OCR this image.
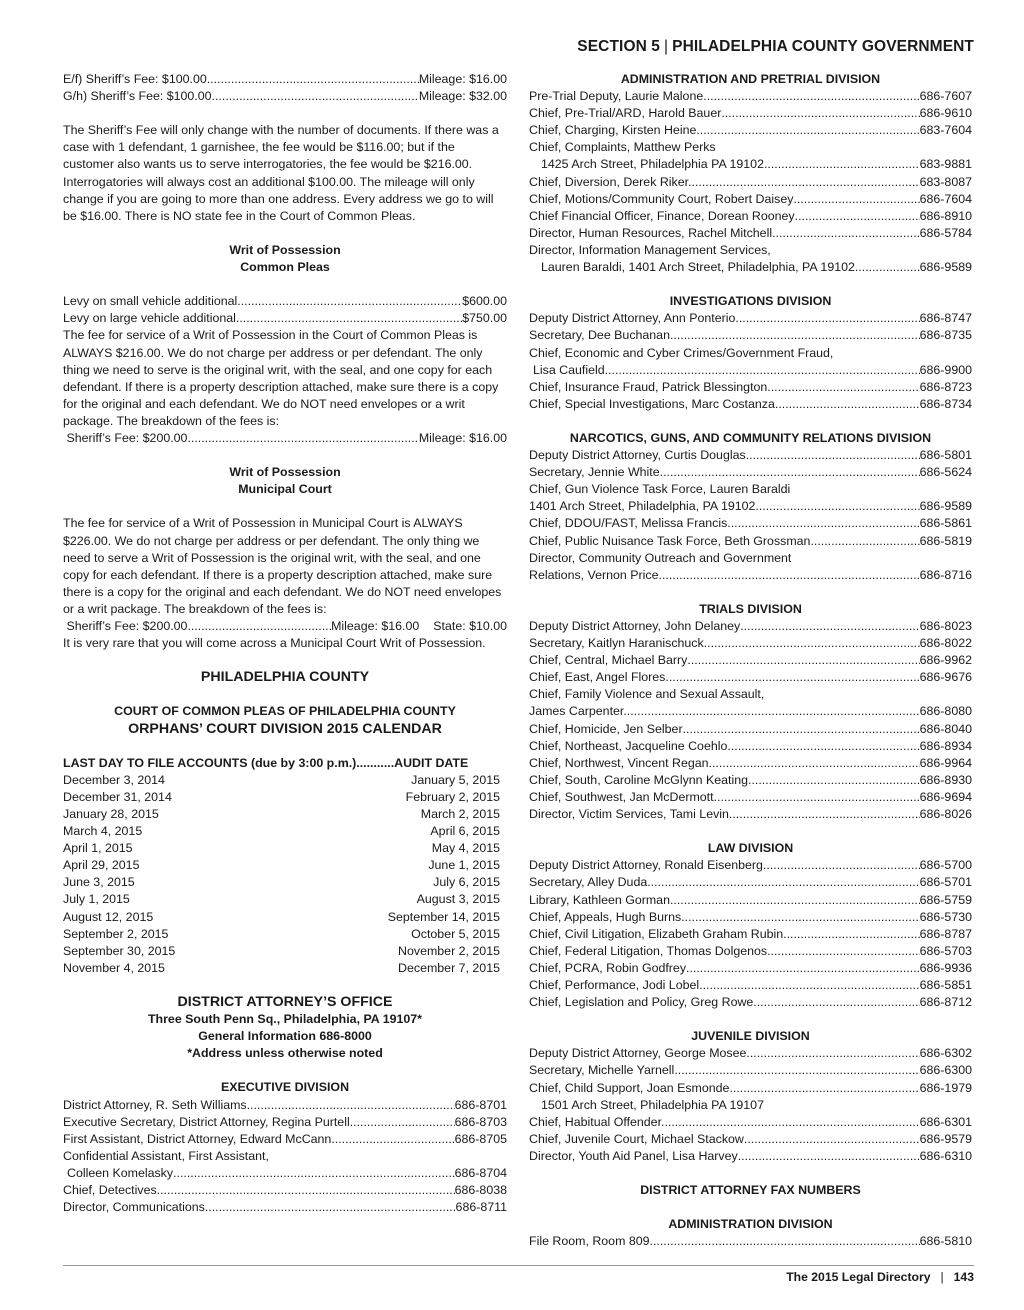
SECTION 5 | PHILADELPHIA COUNTY GOVERNMENT
E/f) Sheriff’s Fee: $100.00 .....	Mileage: $16.00
G/h) Sheriff’s Fee: $100.00 .....	Mileage: $32.00

The Sheriff’s Fee will only change with the number of documents. If there was a case with 1 defendant, 1 garnishee, the fee would be $116.00; but if the customer also wants us to serve interrogatories, the fee would be $216.00. Interrogatories will always cost an additional $100.00. The mileage will only change if you are going to more than one address. Every address we go to will be $16.00. There is NO state fee in the Court of Common Pleas.

Writ of Possession
Common Pleas
Levy on small vehicle additional .....	$600.00
Levy on large vehicle additional .....	$750.00

The fee for service of a Writ of Possession in the Court of Common Pleas is ALWAYS $216.00. We do not charge per address or per defendant. The only thing we need to serve is the original writ, with the seal, and one copy for each defendant. If there is a property description attached, make sure there is a copy for the original and each defendant. We do NOT need envelopes or a writ package. The breakdown of the fees is:

Sheriff’s Fee: $200.00 .....	Mileage: $16.00
Writ of Possession
Municipal Court

The fee for service of a Writ of Possession in Municipal Court is ALWAYS $226.00. We do not charge per address or per defendant. The only thing we need to serve a Writ of Possession is the original writ, with the seal, and one copy for each defendant. If there is a property description attached, make sure there is a copy for the original and each defendant. We do NOT need envelopes or a writ package. The breakdown of the fees is:

Sheriff’s Fee: $200.00 .....	Mileage: $16.00	State: $10.00

It is very rare that you will come across a Municipal Court Writ of Possession.

PHILADELPHIA COUNTY
COURT OF COMMON PLEAS OF PHILADELPHIA COUNTY
ORPHANS’ COURT DIVISION 2015 CALENDAR
LAST DAY TO FILE ACCOUNTS (due by 3:00 p.m.) .....	AUDIT DATE
December 3, 2014	January 5, 2015
December 31, 2014	February 2, 2015
January 28, 2015	March 2, 2015
March 4, 2015	April 6, 2015
April 1, 2015	May 4, 2015
April 29, 2015	June 1, 2015
June 3, 2015	July 6, 2015
July 1, 2015	August 3, 2015
August 12, 2015	September 14, 2015
September 2, 2015	October 5, 2015
September 30, 2015	November 2, 2015
November 4, 2015	December 7, 2015
DISTRICT ATTORNEY’S OFFICE
Three South Penn Sq., Philadelphia, PA 19107*
General Information 686-8000
*Address unless otherwise noted
EXECUTIVE DIVISION
District Attorney, R. Seth Williams. .....	686-8701
Executive Secretary, District Attorney, Regina Purtell .....	686-8703
First Assistant, District Attorney, Edward McCann. .....	686-8705
Confidential Assistant, First Assistant,
Colleen Komelasky .....	686-8704
Chief, Detectives .....	686-8038
Director, Communications. .....	686-8711
ADMINISTRATION AND PRETRIAL DIVISION
Pre-Trial Deputy, Laurie Malone. .....	686-7607
Chief, Pre-Trial/ARD, Harold Bauer .....	686-9610
Chief, Charging, Kirsten Heine .....	683-7604
Chief, Complaints, Matthew Perks
1425 Arch Street, Philadelphia PA 19102 .....	683-9881
Chief, Diversion, Derek Riker. .....	683-8087
Chief, Motions/Community Court, Robert Daisey .....	686-7604
Chief Financial Officer, Finance, Dorean Rooney .....	686-8910
Director, Human Resources, Rachel Mitchell. .....	686-5784
Director, Information Management Services,
Lauren Baraldi, 1401 Arch Street, Philadelphia, PA 19102 .....	686-9589
INVESTIGATIONS DIVISION
Deputy District Attorney, Ann Ponterio .....	686-8747
Secretary, Dee Buchanan .....	686-8735
Chief, Economic and Cyber Crimes/Government Fraud,
Lisa Caufield. .....	686-9900
Chief, Insurance Fraud, Patrick Blessington .....	686-8723
Chief, Special Investigations, Marc Costanza .....	686-8734
NARCOTICS, GUNS, AND COMMUNITY RELATIONS DIVISION
Deputy District Attorney, Curtis Douglas .....	686-5801
Secretary, Jennie White .....	686-5624
Chief, Gun Violence Task Force, Lauren Baraldi
1401 Arch Street, Philadelphia, PA 19102 .....	686-9589
Chief, DDOU/FAST, Melissa Francis .....	686-5861
Chief, Public Nuisance Task Force, Beth Grossman .....	686-5819
Director, Community Outreach and Government
Relations, Vernon Price. .....	686-8716
TRIALS DIVISION
Deputy District Attorney, John Delaney .....	686-8023
Secretary, Kaitlyn Haranischuck .....	686-8022
Chief, Central, Michael Barry .....	686-9962
Chief, East, Angel Flores. .....	686-9676
Chief, Family Violence and Sexual Assault,
James Carpenter. .....	686-8080
Chief, Homicide, Jen Selber .....	686-8040
Chief, Northeast, Jacqueline Coehlo .....	686-8934
Chief, Northwest, Vincent Regan .....	686-9964
Chief, South, Caroline McGlynn Keating .....	686-8930
Chief, Southwest, Jan McDermott .....	686-9694
Director, Victim Services, Tami Levin .....	686-8026
LAW DIVISION
Deputy District Attorney, Ronald Eisenberg. .....	686-5700
Secretary, Alley Duda. .....	686-5701
Library, Kathleen Gorman .....	686-5759
Chief, Appeals, Hugh Burns. .....	686-5730
Chief, Civil Litigation, Elizabeth Graham Rubin .....	686-8787
Chief, Federal Litigation, Thomas Dolgenos .....	686-5703
Chief, PCRA, Robin Godfrey .....	686-9936
Chief, Performance, Jodi Lobel. .....	686-5851
Chief, Legislation and Policy, Greg Rowe .....	686-8712
JUVENILE DIVISION
Deputy District Attorney, George Mosee .....	686-6302
Secretary, Michelle Yarnell .....	686-6300
Chief, Child Support, Joan Esmonde .....	686-1979
1501 Arch Street, Philadelphia PA 19107
Chief, Habitual Offender. .....	686-6301
Chief, Juvenile Court, Michael Stackow .....	686-9579
Director, Youth Aid Panel, Lisa Harvey .....	686-6310
DISTRICT ATTORNEY FAX NUMBERS
ADMINISTRATION DIVISION
File Room, Room 809 .....	686-5810
The 2015 Legal Directory | 143
